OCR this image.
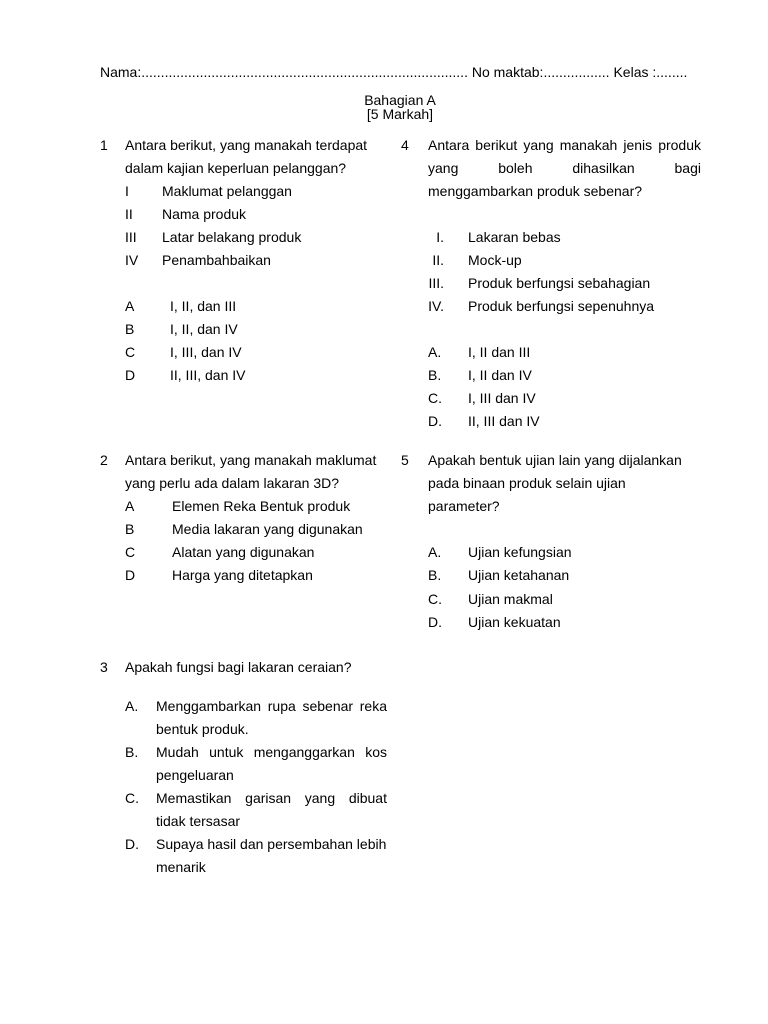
Nama:.................................................................................... No maktab:................. Kelas :........
Bahagian A
[5 Markah]
1 Antara berikut, yang manakah terdapat
dalam kajian keperluan pelanggan?
I Maklumat pelanggan
II Nama produk
III Latar belakang produk
IV Penambahbaikan
A	I, II, dan III
B	I, II, dan IV
C I, III, dan IV
D II, III, dan IV
2 Antara berikut, yang manakah maklumat
yang perlu ada dalam lakaran 3D?
A	Elemen Reka Bentuk produk
B	Media lakaran yang digunakan
C	Alatan yang digunakan
D	Harga yang ditetapkan
3 Apakah fungsi bagi lakaran ceraian?
A. Menggambarkan rupa sebenar reka
bentuk produk.
B. Mudah untuk menganggarkan kos
pengeluaran
C. Memastikan garisan yang dibuat
tidak tersasar
D. Supaya hasil dan persembahan lebih
menarik
4 Antara berikut yang manakah jenis produk
yang	boleh	dihasilkan	bagi
menggambarkan produk sebenar?
I. Lakaran bebas
II. Mock-up
III. Produk berfungsi sebahagian
IV. Produk berfungsi sepenuhnya
A. I, II dan III
B. I, II dan IV
C. I, III dan IV
D. II, III dan IV
5 Apakah bentuk ujian lain yang dijalankan
pada binaan produk selain ujian
parameter?
A. Ujian kefungsian
B. Ujian ketahanan
C. Ujian makmal
D. Ujian kekuatan
